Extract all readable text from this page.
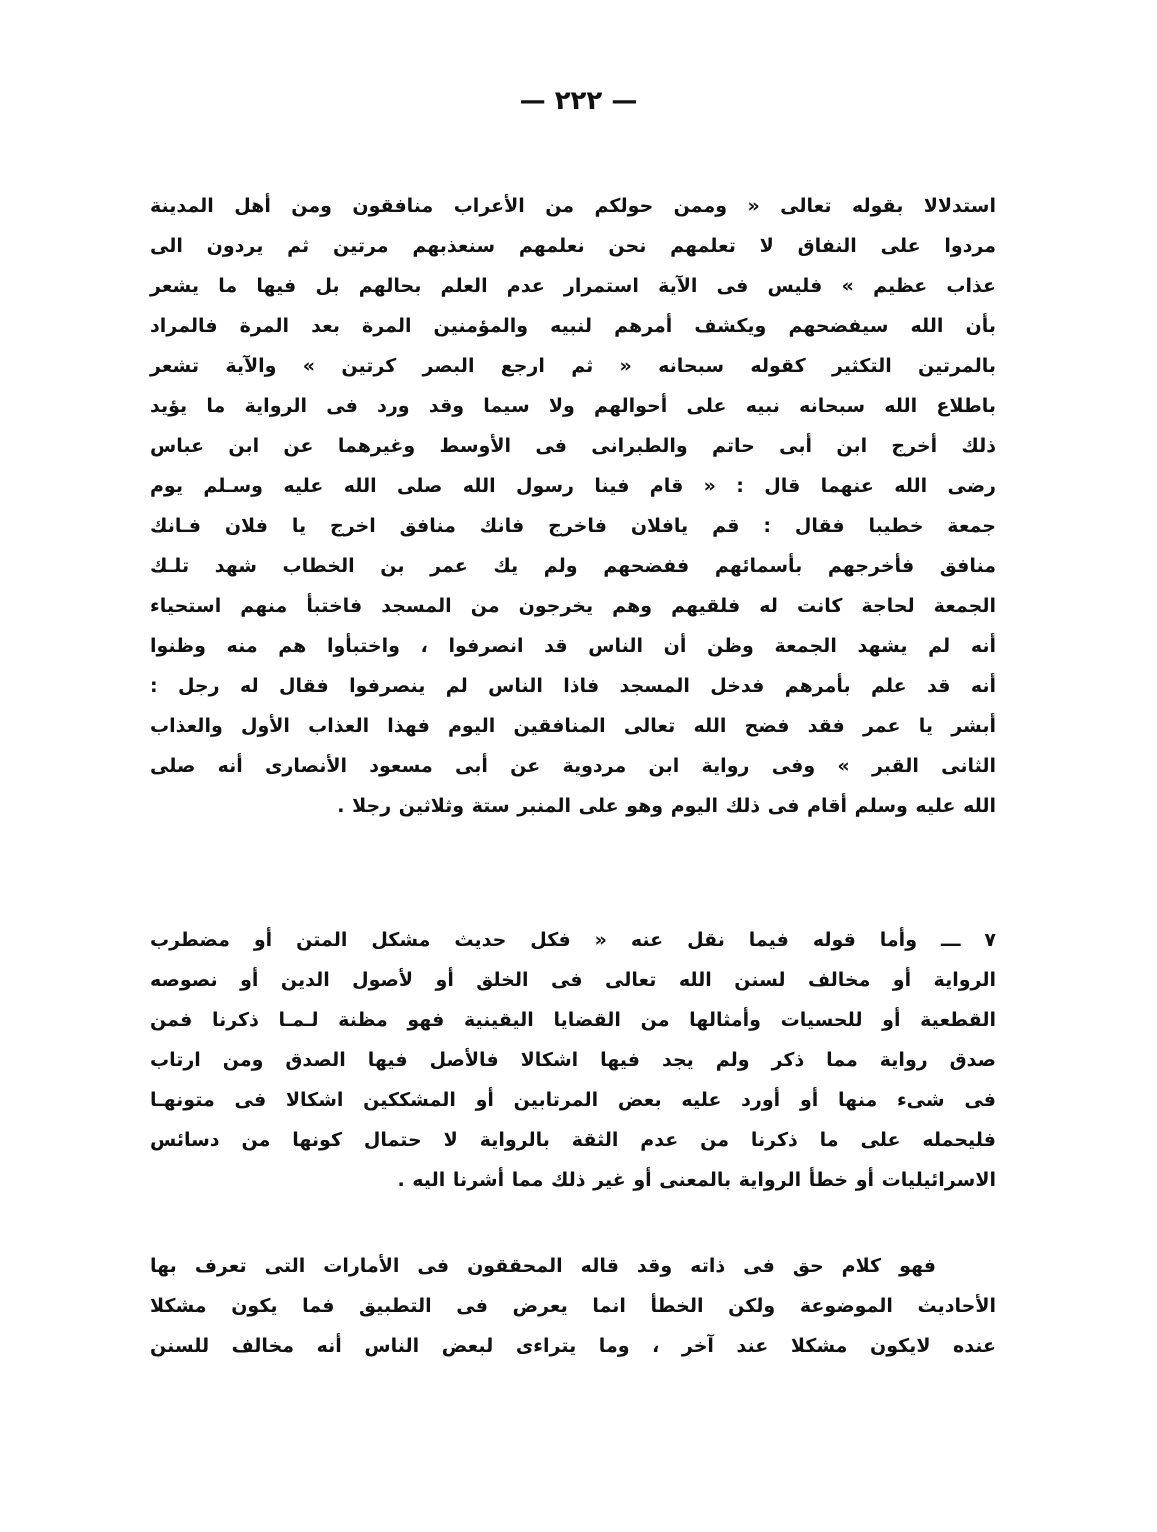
— ٢٢٢ —
استدلالا بقوله تعالى « وممن حولكم من الأعراب منافقون ومن أهل المدينة
مردوا على النفاق لا تعلمهم نحن نعلمهم سنعذبهم مرتين ثم يردون الى
عذاب عظيم » فليس فى الآية استمرار عدم العلم بحالهم بل فيها ما يشعر
بأن الله سيفضحهم ويكشف أمرهم لنبيه والمؤمنين المرة بعد المرة فالمراد
بالمرتين التكثير كقوله سبحانه « ثم ارجع البصر كرتين » والآية تشعر
باطلاع الله سبحانه نبيه على أحوالهم ولا سيما وقد ورد فى الرواية ما يؤيد
ذلك أخرج ابن أبى حاتم والطبرانى فى الأوسط وغيرهما عن ابن عباس
رضى الله عنهما قال : « قام فينا رسول الله صلى الله عليه وسـلم يوم
جمعة خطيبا فقال : قم يافلان فاخرج فانك منافق اخرج يا فلان فـانك
منافق فأخرجهم بأسمائهم ففضحهم ولم يك عمر بن الخطاب شهد تلـك
الجمعة لحاجة كانت له فلقيهم وهم يخرجون من المسجد فاختبأ منهم استحياء
أنه لم يشهد الجمعة وظن أن الناس قد انصرفوا ، واختبأوا هم منه وظنوا
أنه قد علم بأمرهم فدخل المسجد فاذا الناس لم ينصرفوا فقال له رجل :
أبشر يا عمر فقد فضح الله تعالى المنافقين اليوم فهذا العذاب الأول والعذاب
الثانى القبر » وفى رواية ابن مردوية عن أبى مسعود الأنصارى أنه صلى
الله عليه وسلم أقام فى ذلك اليوم وهو على المنبر ستة وثلاثين رجلا .
٧ ـــ وأما قوله فيما نقل عنه « فكل حديث مشكل المتن أو مضطرب
الرواية أو مخالف لسنن الله تعالى فى الخلق أو لأصول الدين أو نصوصه
القطعية أو للحسيات وأمثالها من القضايا اليقينية فهو مظنة لـمـا ذكرنا فمن
صدق رواية مما ذكر ولم يجد فيها اشكالا فالأصل فيها الصدق ومن ارتاب
فى شىء منها أو أورد عليه بعض المرتابين أو المشككين اشكالا فى متونهـا
فليحمله على ما ذكرنا من عدم الثقة بالرواية لا حتمال كونها من دسائس
الاسرائيليات أو خطأ الرواية بالمعنى أو غير ذلك مما أشرنا اليه .
فهو كلام حق فى ذاته وقد قاله المحققون فى الأمارات التى تعرف بها
الأحاديث الموضوعة ولكن الخطأ انما يعرض فى التطبيق فما يكون مشكلا
عنده لايكون مشكلا عند آخر ، وما يتراءى لبعض الناس أنه مخالف للسنن
